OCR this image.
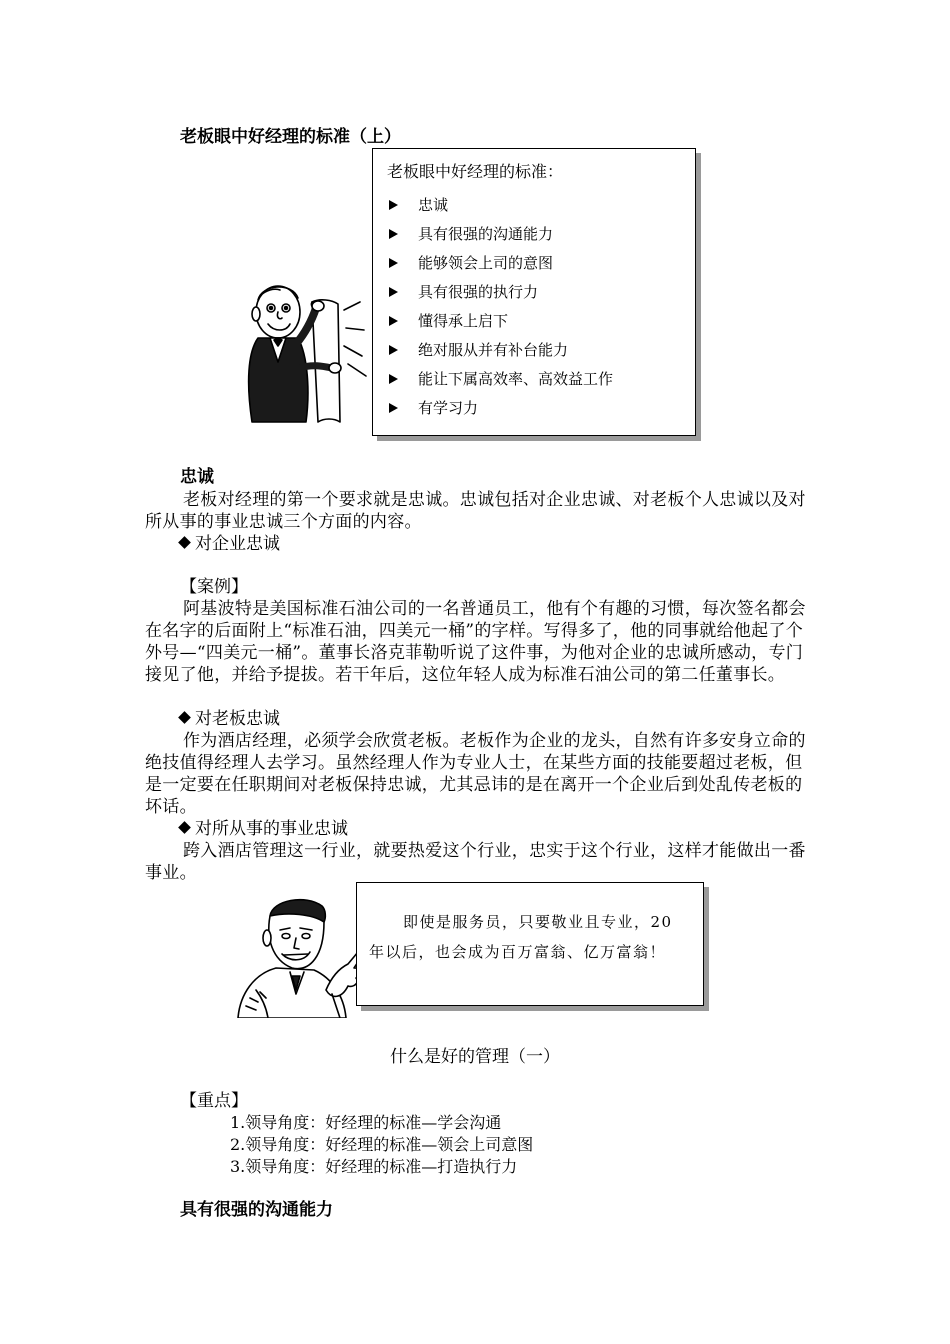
老板眼中好经理的标准（上）
老板眼中好经理的标准：
忠诚
具有很强的沟通能力
能够领会上司的意图
具有很强的执行力
懂得承上启下
绝对服从并有补台能力
能让下属高效率、高效益工作
有学习力
忠诚

老板对经理的第一个要求就是忠诚。忠诚包括对企业忠诚、对老板个人忠诚以及对所从事的事业忠诚三个方面的内容。

对企业忠诚
【案例】

阿基波特是美国标准石油公司的一名普通员工，他有个有趣的习惯，每次签名都会在名字的后面附上“标准石油，四美元一桶”的字样。写得多了，他的同事就给他起了个外号—“四美元一桶”。董事长洛克菲勒听说了这件事，为他对企业的忠诚所感动，专门接见了他，并给予提拔。若干年后，这位年轻人成为标准石油公司的第二任董事长。

对老板忠诚

作为酒店经理，必须学会欣赏老板。老板作为企业的龙头，自然有许多安身立命的绝技值得经理人去学习。虽然经理人作为专业人士，在某些方面的技能要超过老板，但是一定要在任职期间对老板保持忠诚，尤其忌讳的是在离开一个企业后到处乱传老板的坏话。

对所从事的事业忠诚

跨入酒店管理这一行业，就要热爱这个行业，忠实于这个行业，这样才能做出一番事业。

即使是服务员，只要敬业且专业，20
年以后，也会成为百万富翁、亿万富翁！
什么是好的管理（一）
【重点】
1.领导角度：好经理的标准—学会沟通
2.领导角度：好经理的标准—领会上司意图
3.领导角度：好经理的标准—打造执行力
具有很强的沟通能力
